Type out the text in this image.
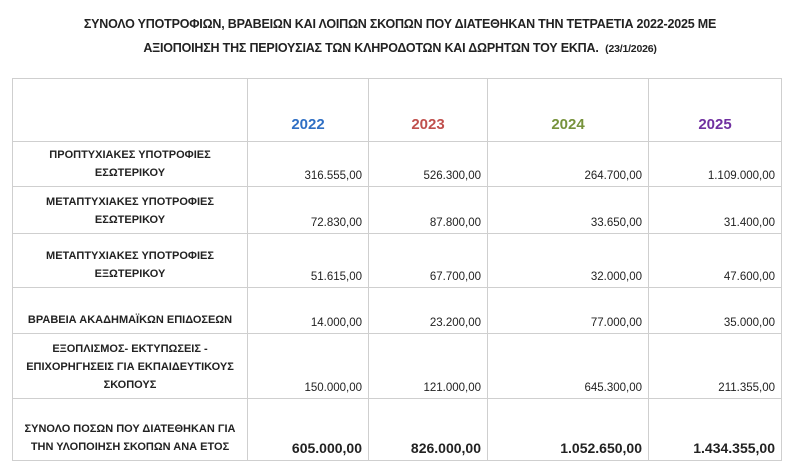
ΣΥΝΟΛΟ ΥΠΟΤΡΟΦΙΩΝ, ΒΡΑΒΕΙΩΝ ΚΑΙ ΛΟΙΠΩΝ ΣΚΟΠΩΝ ΠΟΥ ΔΙΑΤΕΘΗΚΑΝ ΤΗΝ ΤΕΤΡΑΕΤΙΑ 2022-2025 ΜΕ
ΑΞΙΟΠΟΙΗΣΗ ΤΗΣ ΠΕΡΙΟΥΣΙΑΣ ΤΩΝ ΚΛΗΡΟΔΟΤΩΝ ΚΑΙ ΔΩΡΗΤΩΝ ΤΟΥ ΕΚΠΑ. (23/1/2026)
	2022	2023	2024	2025
ΠΡΟΠΤΥΧΙΑΚΕΣ ΥΠΟΤΡΟΦΙΕΣ ΕΣΩΤΕΡΙΚΟΥ	316.555,00	526.300,00	264.700,00	1.109.000,00
ΜΕΤΑΠΤΥΧΙΑΚΕΣ ΥΠΟΤΡΟΦΙΕΣ ΕΣΩΤΕΡΙΚΟΥ	72.830,00	87.800,00	33.650,00	31.400,00
ΜΕΤΑΠΤΥΧΙΑΚΕΣ ΥΠΟΤΡΟΦΙΕΣ ΕΞΩΤΕΡΙΚΟΥ	51.615,00	67.700,00	32.000,00	47.600,00
ΒΡΑΒΕΙΑ ΑΚΑΔΗΜΑΪΚΩΝ ΕΠΙΔΟΣΕΩΝ	14.000,00	23.200,00	77.000,00	35.000,00
ΕΞΟΠΛΙΣΜΟΣ- ΕΚΤΥΠΩΣΕΙΣ - ΕΠΙΧΟΡΗΓΗΣΕΙΣ ΓΙΑ ΕΚΠΑΙΔΕΥΤΙΚΟΥΣ ΣΚΟΠΟΥΣ	150.000,00	121.000,00	645.300,00	211.355,00
ΣΥΝΟΛΟ ΠΟΣΩΝ ΠΟΥ ΔΙΑΤΕΘΗΚΑΝ ΓΙΑ ΤΗΝ ΥΛΟΠΟΙΗΣΗ ΣΚΟΠΩΝ ΑΝΑ ΕΤΟΣ	605.000,00	826.000,00	1.052.650,00	1.434.355,00
